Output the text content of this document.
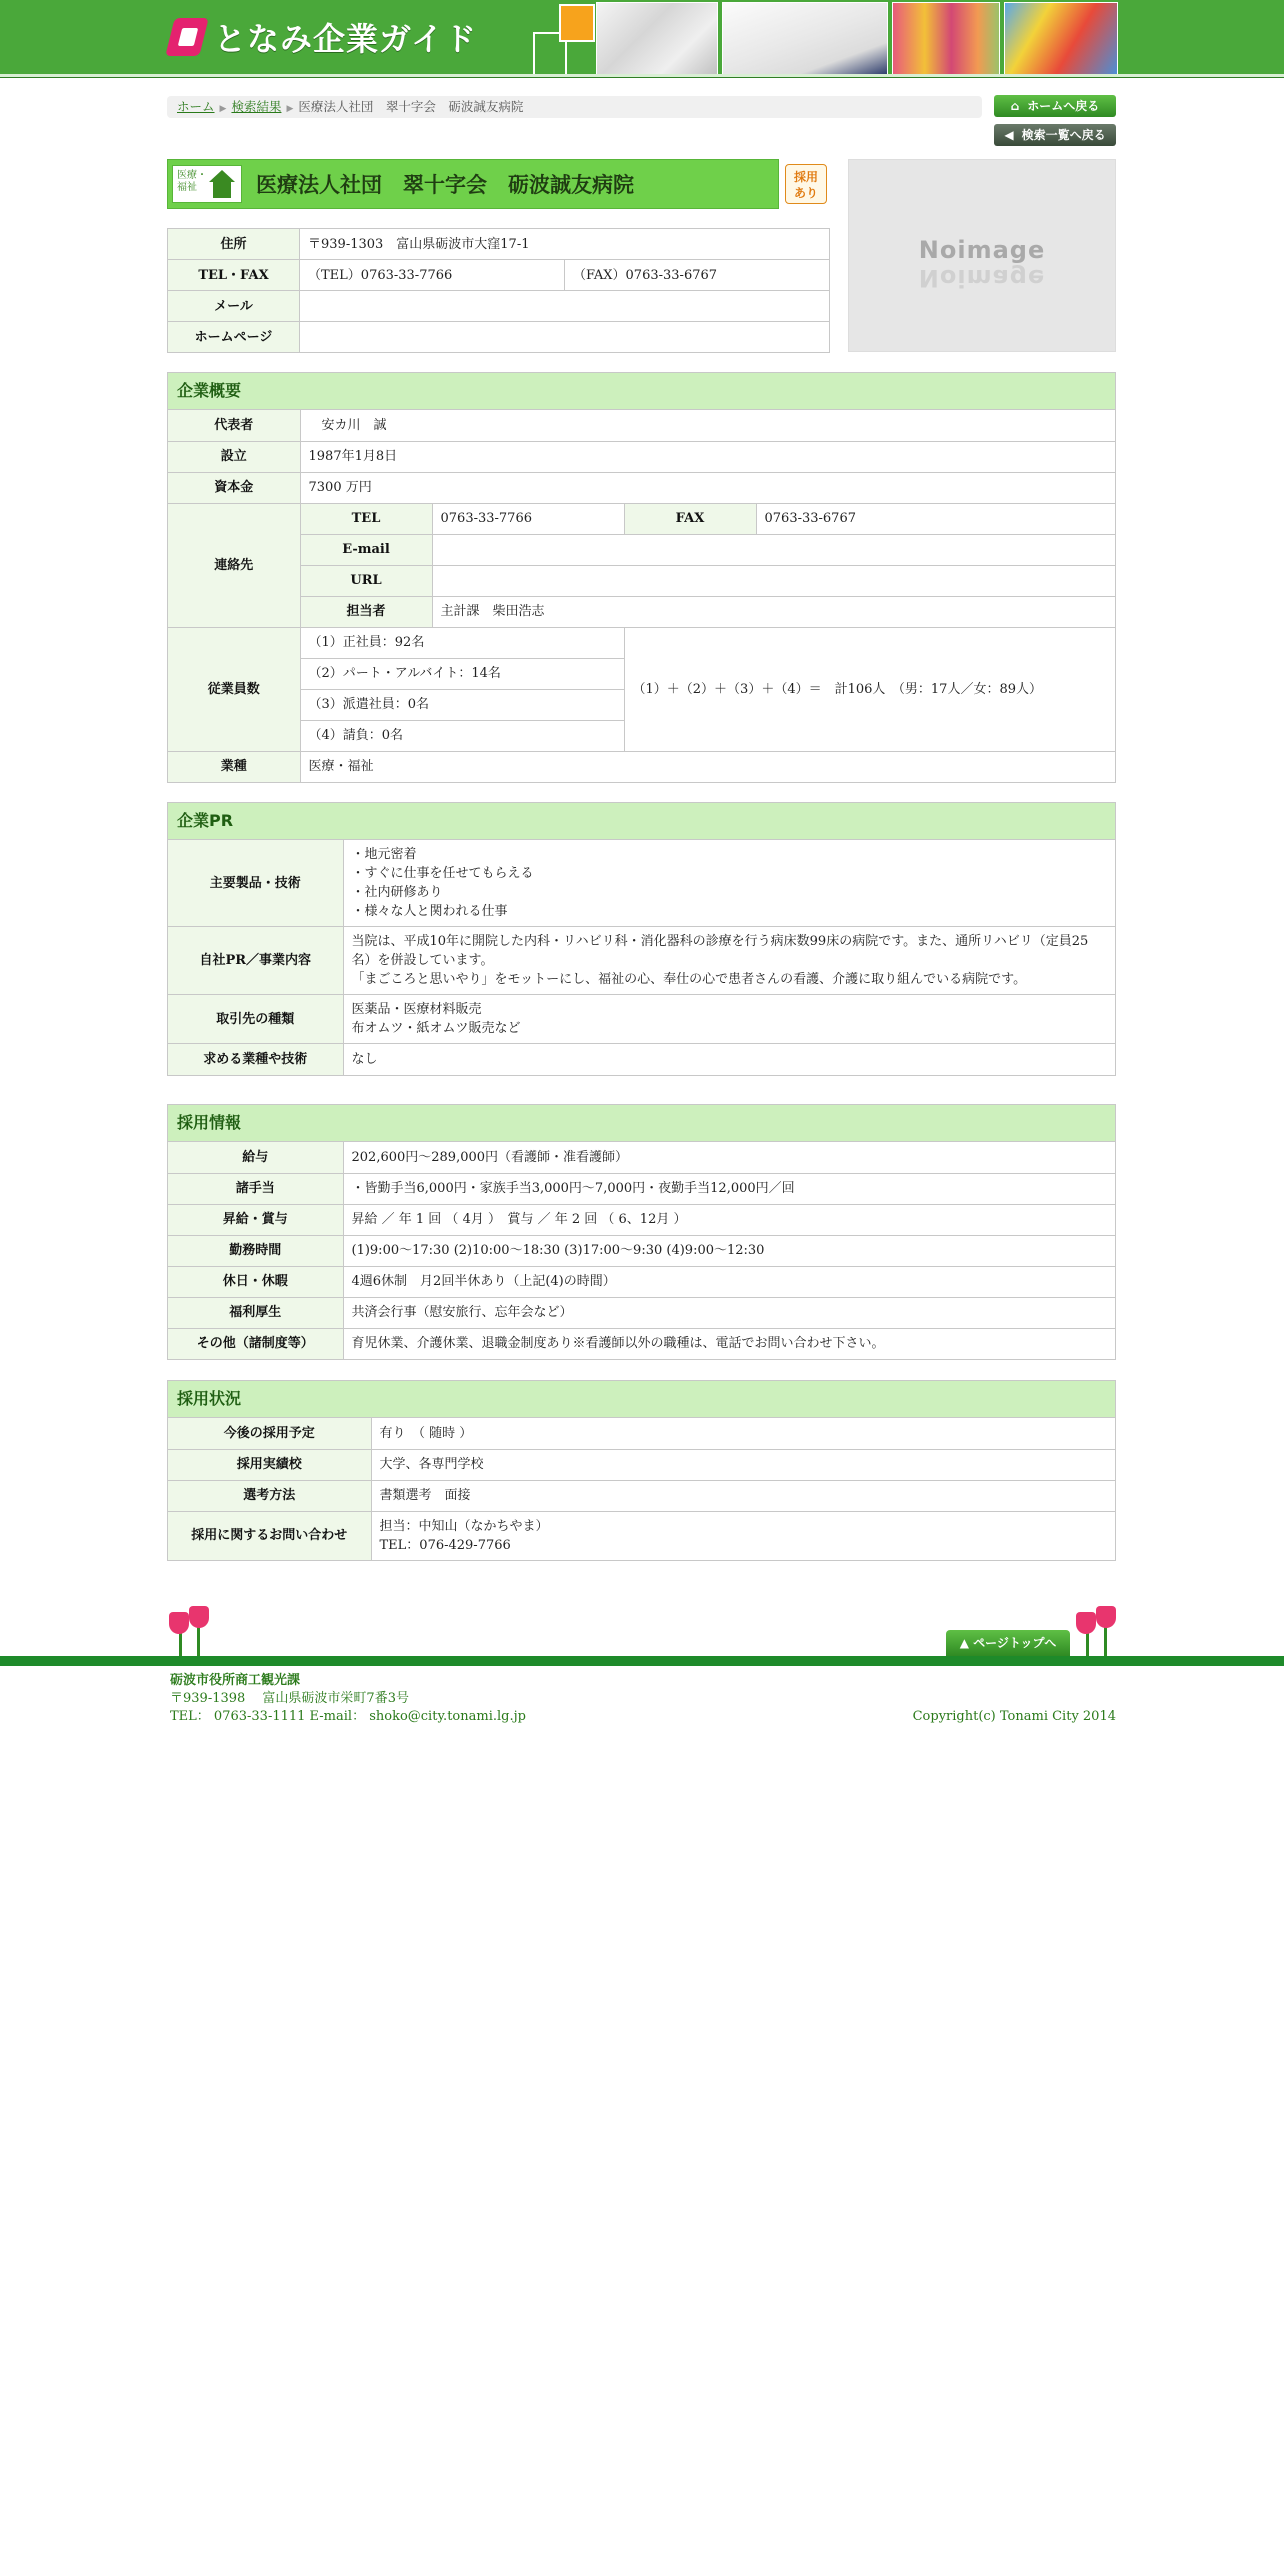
となみ企業ガイド
ホーム ▶ 検索結果 ▶ 医療法人社団　翠十字会　砺波誠友病院	⌂ ホームへ戻る
◀ 検索一覧へ戻る
医療・
福祉	医療法人社団　翠十字会　砺波誠友病院	採用
あり
Noimage
Noimage
住所	〒939-1303　富山県砺波市大窪17-1	
TEL・FAX	（TEL）0763-33-7766	（FAX）0763-33-6767
メール		
ホームページ		
企業概要
代表者	　安カ川　誠			
設立	1987年1月8日			
資本金	7300 万円			
連絡先	TEL	0763-33-7766	FAX	0763-33-6767
	E-mail			
	URL			
	担当者	主計課　柴田浩志		
従業員数	（1）正社員：92名		（1）＋（2）＋（3）＋（4）＝　計106人　（男：17人／女：89人）	
	（2）パート・アルバイト：14名			
	（3）派遣社員：0名			
	（4）請負：0名			
業種	医療・福祉			
企業PR
主要製品・技術	・地元密着
・すぐに仕事を任せてもらえる
・社内研修あり
・様々な人と関われる仕事

自社PR／事業内容	当院は、平成10年に開院した内科・リハビリ科・消化器科の診療を行う病床数99床の病院です。また、通所リハビリ（定員25名）を併設しています。
「まごころと思いやり」をモットーにし、福祉の心、奉仕の心で患者さんの看護、介護に取り組んでいる病院です。

取引先の種類	医薬品・医療材料販売
布オムツ・紙オムツ販売など

求める業種や技術	なし
採用情報
給与	202,600円～289,000円（看護師・准看護師）
諸手当	・皆勤手当6,000円・家族手当3,000円～7,000円・夜勤手当12,000円／回
昇給・賞与	昇給 ／ 年 1 回 （ 4月 ）　賞与 ／ 年 2 回 （ 6、12月 ）
勤務時間	(1)9:00～17:30 (2)10:00～18:30 (3)17:00～9:30 (4)9:00～12:30
休日・休暇	4週6休制　月2回半休あり（上記(4)の時間）
福利厚生	共済会行事（慰安旅行、忘年会など）
その他（諸制度等）	育児休業、介護休業、退職金制度あり※看護師以外の職種は、電話でお問い合わせ下さい。
採用状況
今後の採用予定	有り　（ 随時 ）
採用実績校	大学、各専門学校
選考方法	書類選考　面接
採用に関するお問い合わせ	担当：中知山（なかちやま）
TEL：076-429-7766
▲ ページトップへ
砺波市役所商工観光課
〒939-1398　 富山県砺波市栄町7番3号
TEL： 0763-33-1111 E-mail： shoko@city.tonami.lg.jp	Copyright(c) Tonami City 2014
